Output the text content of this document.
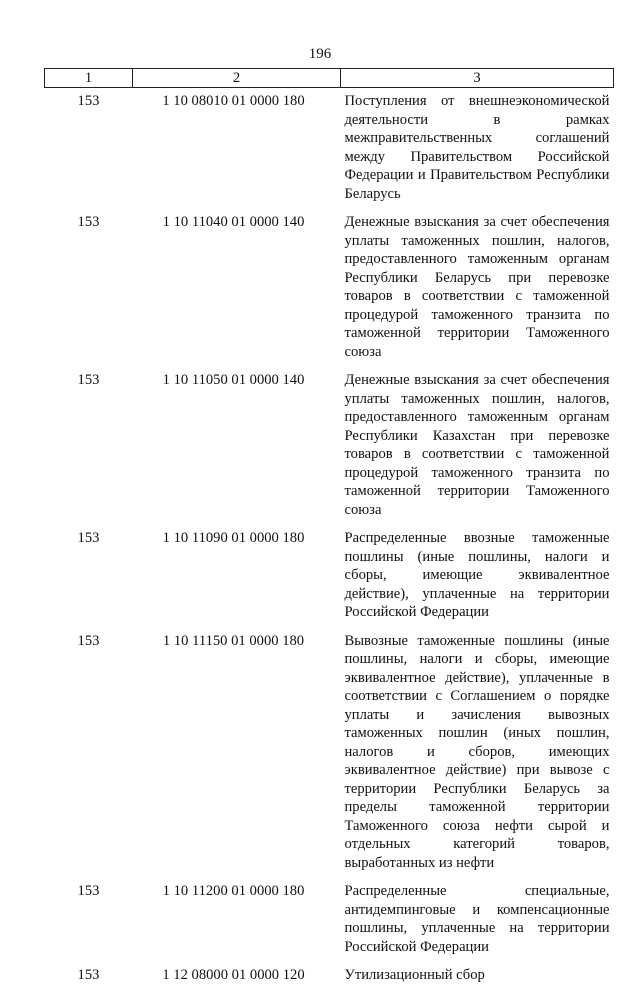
196
1	2	3
153	1 10 08010 01 0000 180	Поступления от внешнеэкономической деятельности в рамках межправительственных соглашений между Правительством Российской Федерации и Правительством Республики Беларусь
153	1 10 11040 01 0000 140	Денежные взыскания за счет обеспечения уплаты таможенных пошлин, налогов, предоставленного таможенным органам Республики Беларусь при перевозке товаров в соответствии с таможенной процедурой таможенного транзита по таможенной территории Таможенного союза
153	1 10 11050 01 0000 140	Денежные взыскания за счет обеспечения уплаты таможенных пошлин, налогов, предоставленного таможенным органам Республики Казахстан при перевозке товаров в соответствии с таможенной процедурой таможенного транзита по таможенной территории Таможенного союза
153	1 10 11090 01 0000 180	Распределенные ввозные таможенные пошлины (иные пошлины, налоги и сборы, имеющие эквивалентное действие), уплаченные на территории Российской Федерации
153	1 10 11150 01 0000 180	Вывозные таможенные пошлины (иные пошлины, налоги и сборы, имеющие эквивалентное действие), уплаченные в соответствии с Соглашением о порядке уплаты и зачисления вывозных таможенных пошлин (иных пошлин, налогов и сборов, имеющих эквивалентное действие) при вывозе с территории Республики Беларусь за пределы таможенной территории Таможенного союза нефти сырой и отдельных категорий товаров, выработанных из нефти
153	1 10 11200 01 0000 180	Распределенные специальные, антидемпинговые и компенсационные пошлины, уплаченные на территории Российской Федерации
153	1 12 08000 01 0000 120	Утилизационный сбор
